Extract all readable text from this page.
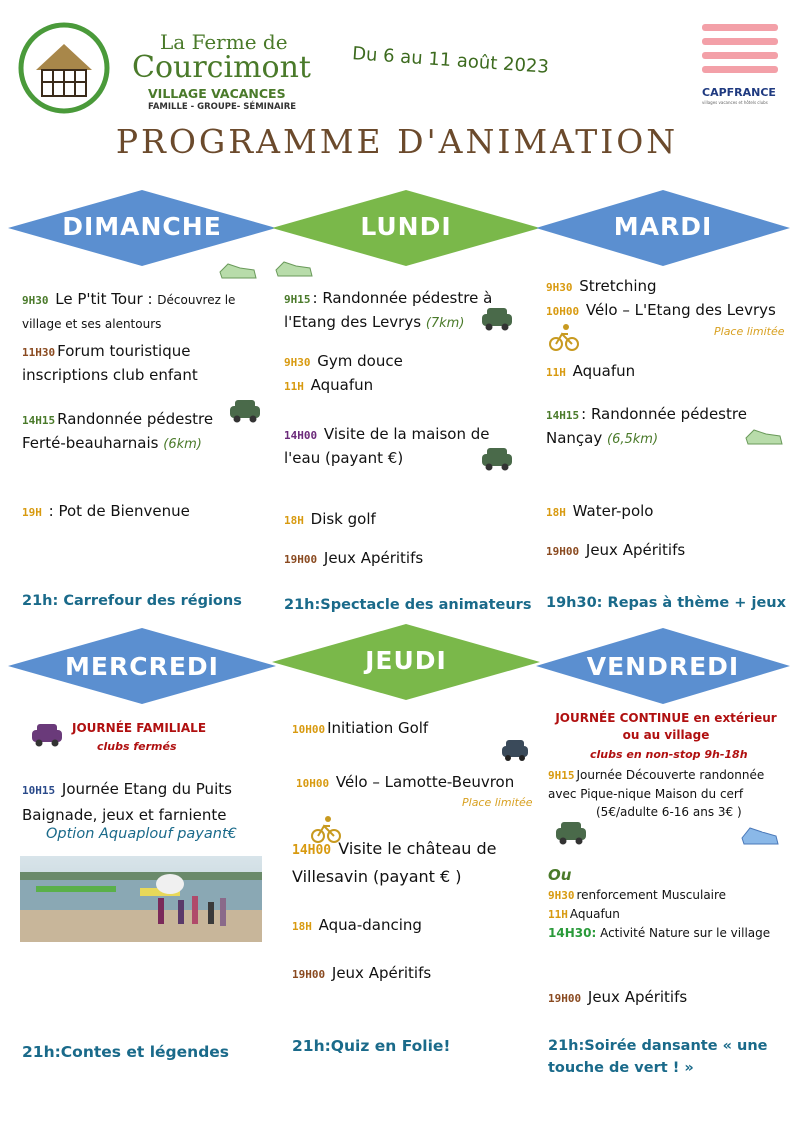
La Ferme de
Courcimont
VILLAGE VACANCES
FAMILLE - GROUPE- SÉMINAIRE
Du 6 au 11 août 2023
CAPFRANCE
villages vacances et hôtels clubs
PROGRAMME D'ANIMATION
DIMANCHE	LUNDI	MARDI
9H30 Le P'tit Tour : Découvrez le village et ses alentours
11H30 Forum touristique inscriptions club enfant
14H15 Randonnée pédestre Ferté-beauharnais (6km)
19H : Pot de Bienvenue
21h: Carrefour des régions
9H15 : Randonnée pédestre à l'Etang des Levrys (7km)
9H30 Gym douce
11H Aquafun
14H00 Visite de la maison de l'eau (payant €)
18H Disk golf
19H00 Jeux Apéritifs
21h:Spectacle des animateurs
9H30 Stretching
10H00 Vélo – L'Etang des Levrys
Place limitée
11H Aquafun
14H15 : Randonnée pédestre Nançay (6,5km)
18H Water-polo
19H00 Jeux Apéritifs
19h30: Repas à thème + jeux
MERCREDI	JEUDI	VENDREDI
JOURNÉE FAMILIALE
clubs fermés
10H15 Journée Etang du Puits Baignade, jeux et farniente
Option Aquaplouf payant€
21h:Contes et légendes
10H00 Initiation Golf
10H00 Vélo – Lamotte-Beuvron
Place limitée
14H00 Visite le château de Villesavin (payant € )
18H Aqua-dancing
19H00 Jeux Apéritifs
21h:Quiz en Folie!
JOURNÉE CONTINUE en extérieur ou au village
clubs en non-stop 9h-18h
9H15 Journée Découverte randonnée avec Pique-nique Maison du cerf
(5€/adulte 6-16 ans 3€ )
Ou
9H30 renforcement Musculaire
11H Aquafun
14H30: Activité Nature sur le village
19H00 Jeux Apéritifs
21h:Soirée dansante « une touche de vert ! »
